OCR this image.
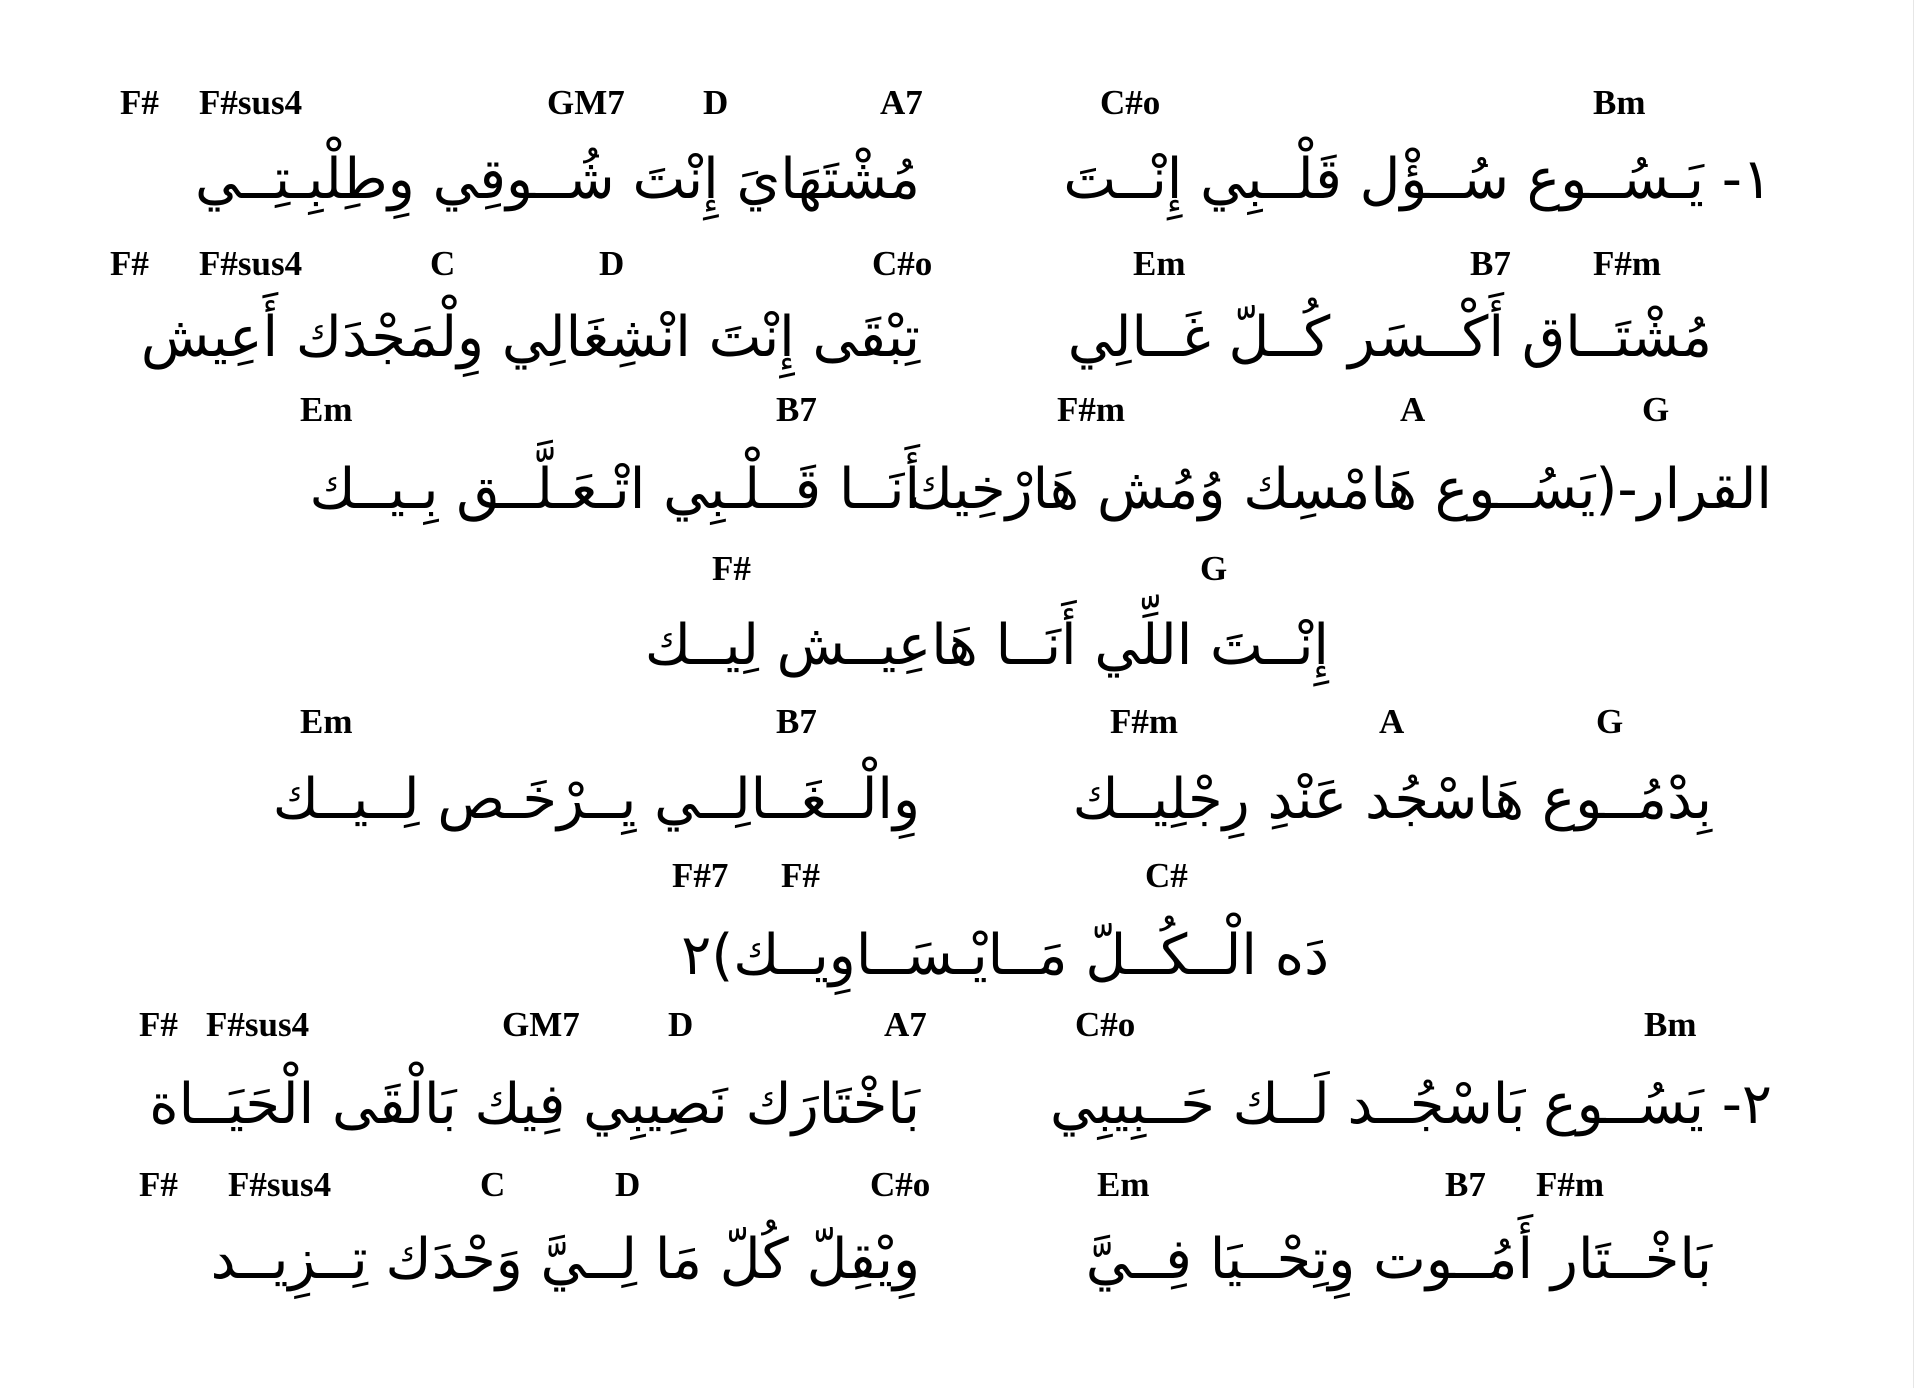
F# F#sus4	GM7 D	A7	C#o	Bm
١- يَـسُــوع سُــؤْل قَلْــبِي إِنْــتَ
مُشْتَهَايَ إِنْتَ شُــوقِي وِطِلْبِـتِــي
F# F#sus4	C	D	C#o	Em	B7 F#m
مُشْتَــاق أَكْــسَر كُــلّ غَــالِي
تِبْقَى إِنْتَ انْشِغَالِي وِلْمَجْدَك أَعِيش
Em	B7	F#m	A	G
القرار-(يَسُــوع هَامْسِك وُمُش هَارْخِيك
أَنَــا قَــلْـبِي اتْـعَـلَّــق بِـيــك
F#	G
إِنْــتَ اللِّي أَنَــا هَاعِيــش لِيــك
Em	B7	F#m	A	G
بِدْمُــوع هَاسْجُد عَنْدِ رِجْلِيــك
وِالْــغَــالِــي يِــرْخَـص لِــيــك
F#7 F#	C#
دَه الْــكُــلّ مَــايْـسَــاوِيــك)٢
F# F#sus4	GM7	D	A7	C#o	Bm
٢- يَسُــوع بَاسْجُــد لَــك حَــبِيبِي
بَاخْتَارَك نَصِيبِي فِيك بَالْقَى الْحَيَــاة
F# F#sus4	C	D	C#o	Em	B7 F#m
بَاخْــتَار أَمُــوت وِتِحْــيَا فِــيَّ
وِيْقِلّ كُلّ مَا لِــيَّ وَحْدَك تِــزِيــد
